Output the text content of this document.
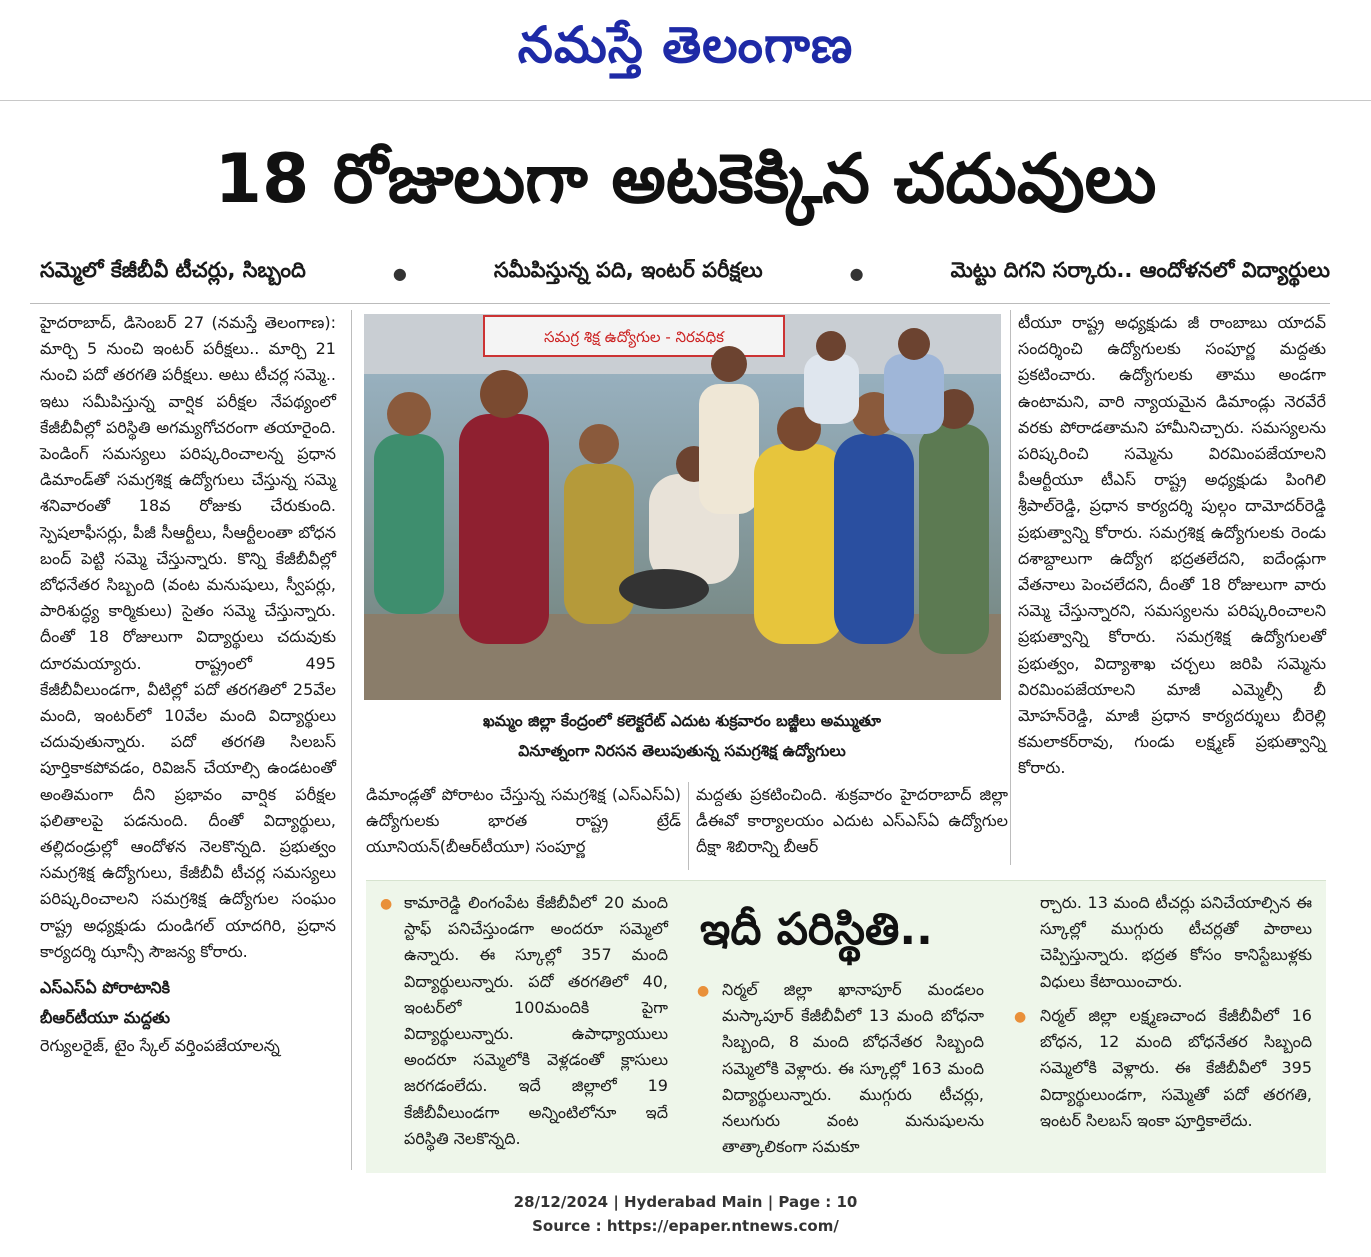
నమస్తే తెలంగాణ
18 రోజులుగా అటకెక్కిన చదువులు
సమ్మెలో కేజీబీవీ టీచర్లు, సిబ్బంది	●	సమీపిస్తున్న పది, ఇంటర్ పరీక్షలు	●	మెట్టు దిగని సర్కారు.. ఆందోళనలో విద్యార్థులు

హైదరాబాద్, డిసెంబర్ 27 (నమస్తే తెలంగాణ): మార్చి 5 నుంచి ఇంటర్ పరీక్షలు.. మార్చి 21 నుంచి పదో తరగతి పరీక్షలు. అటు టీచర్ల సమ్మె.. ఇటు సమీపిస్తున్న వార్షిక పరీక్షల నేపథ్యంలో కేజీబీవీల్లో పరిస్థితి అగమ్యగోచరంగా తయారైంది. పెండింగ్ సమస్యలు పరిష్కరించాలన్న ప్రధాన డిమాండ్‌తో సమగ్రశిక్ష ఉద్యోగులు చేస్తున్న సమ్మె శనివారంతో 18వ రోజుకు చేరుకుంది. స్పెషలాఫీసర్లు, పీజీ సీఆర్టీలు, సీఆర్టీలంతా బోధన బంద్ పెట్టి సమ్మె చేస్తున్నారు. కొన్ని కేజీబీవీల్లో బోధనేతర సిబ్బంది (వంట మనుషులు, స్వీపర్లు, పారిశుద్ధ్య కార్మికులు) సైతం సమ్మె చేస్తున్నారు. దీంతో 18 రోజులుగా విద్యార్థులు చదువుకు దూరమయ్యారు. రాష్ట్రంలో 495 కేజీబీవీలుండగా, వీటిల్లో పదో తరగతిలో 25వేల మంది, ఇంటర్‌లో 10వేల మంది విద్యార్థులు చదువుతున్నారు. పదో తరగతి సిలబస్ పూర్తికాకపోవడం, రివిజన్ చేయాల్సి ఉండటంతో అంతిమంగా దీని ప్రభావం వార్షిక పరీక్షల ఫలితాలపై పడనుంది. దీంతో విద్యార్థులు, తల్లిదండ్రుల్లో ఆందోళన నెలకొన్నది. ప్రభుత్వం సమగ్రశిక్ష ఉద్యోగులు, కేజీబీవీ టీచర్ల సమస్యలు పరిష్కరించాలని సమగ్రశిక్ష ఉద్యోగుల సంఘం రాష్ట్ర అధ్యక్షుడు దుండిగల్ యాదగిరి, ప్రధాన కార్యదర్శి ఝాన్సీ సౌజన్య కోరారు.

ఎస్ఎస్ఏ పోరాటానికి

బీఆర్‌టీయూ మద్దతు

రెగ్యులరైజ్, టైం స్కేల్ వర్తింపజేయాలన్న

సమగ్ర శిక్ష ఉద్యోగుల - నిరవధిక
ఖమ్మం జిల్లా కేంద్రంలో కలెక్టరేట్ ఎదుట శుక్రవారం బజ్జీలు అమ్ముతూ
వినూత్నంగా నిరసన తెలుపుతున్న సమగ్రశిక్ష ఉద్యోగులు

డిమాండ్లతో పోరాటం చేస్తున్న సమగ్రశిక్ష (ఎస్ఎస్ఏ) ఉద్యోగులకు భారత రాష్ట్ర ట్రేడ్ యూనియన్(బీఆర్‌టీయూ) సంపూర్ణ

మద్దతు ప్రకటించింది. శుక్రవారం హైదరాబాద్ జిల్లా డీఈవో కార్యాలయం ఎదుట ఎస్ఎస్ఏ ఉద్యోగుల దీక్షా శిబిరాన్ని బీఆర్

టీయూ రాష్ట్ర అధ్యక్షుడు జీ రాంబాబు యాదవ్ సందర్శించి ఉద్యోగులకు సంపూర్ణ మద్దతు ప్రకటించారు. ఉద్యోగులకు తాము అండగా ఉంటామని, వారి న్యాయమైన డిమాండ్లు నెరవేరే వరకు పోరాడతామని హామీనిచ్చారు. సమస్యలను పరిష్కరించి సమ్మెను విరమింపజేయాలని పీఆర్టీయూ టీఎస్ రాష్ట్ర అధ్యక్షుడు పింగిలి శ్రీపాల్‌రెడ్డి, ప్రధాన కార్యదర్శి పుల్గం దామోదర్‌రెడ్డి ప్రభుత్వాన్ని కోరారు. సమగ్రశిక్ష ఉద్యోగులకు రెండు దశాబ్దాలుగా ఉద్యోగ భద్రతలేదని, ఐదేండ్లుగా వేతనాలు పెంచలేదని, దీంతో 18 రోజులుగా వారు సమ్మె చేస్తున్నారని, సమస్యలను పరిష్కరించాలని ప్రభుత్వాన్ని కోరారు. సమగ్రశిక్ష ఉద్యోగులతో ప్రభుత్వం, విద్యాశాఖ చర్చలు జరిపి సమ్మెను విరమింపజేయాలని మాజీ ఎమ్మెల్సీ బీ మోహన్‌రెడ్డి, మాజీ ప్రధాన కార్యదర్శులు బీరెల్లి కమలాకర్‌రావు, గుండు లక్ష్మణ్ ప్రభుత్వాన్ని కోరారు.

ఇదీ పరిస్థితి..
● కామారెడ్డి లింగంపేట కేజీబీవీలో 20 మంది స్టాఫ్ పనిచేస్తుండగా అందరూ సమ్మెలో ఉన్నారు. ఈ స్కూల్లో 357 మంది విద్యార్థులున్నారు. పదో తరగతిలో 40, ఇంటర్‌లో 100మందికి పైగా విద్యార్థులున్నారు. ఉపాధ్యాయులు అందరూ సమ్మెలోకి వెళ్లడంతో క్లాసులు జరగడంలేదు. ఇదే జిల్లాలో 19 కేజీబీవీలుండగా అన్నింటిలోనూ ఇదే పరిస్థితి నెలకొన్నది.

● నిర్మల్ జిల్లా ఖానాపూర్ మండలం మస్కాపూర్ కేజీబీవీలో 13 మంది బోధనా సిబ్బంది, 8 మంది బోధనేతర సిబ్బంది సమ్మెలోకి వెళ్లారు. ఈ స్కూల్లో 163 మంది విద్యార్థులున్నారు. ముగ్గురు టీచర్లు, నలుగురు వంట మనుషులను తాత్కాలికంగా సమకూ

ర్చారు. 13 మంది టీచర్లు పనిచేయాల్సిన ఈ స్కూల్లో ముగ్గురు టీచర్లతో పాఠాలు చెప్పిస్తున్నారు. భద్రత కోసం కానిస్టేబుళ్లకు విధులు కేటాయించారు.

● నిర్మల్ జిల్లా లక్ష్మణచాంద కేజీబీవీలో 16 బోధన, 12 మంది బోధనేతర సిబ్బంది సమ్మెలోకి వెళ్లారు. ఈ కేజీబీవీలో 395 విద్యార్థులుండగా, సమ్మెతో పదో తరగతి, ఇంటర్ సిలబస్ ఇంకా పూర్తికాలేదు.

28/12/2024 | Hyderabad Main | Page : 10
Source : https://epaper.ntnews.com/
